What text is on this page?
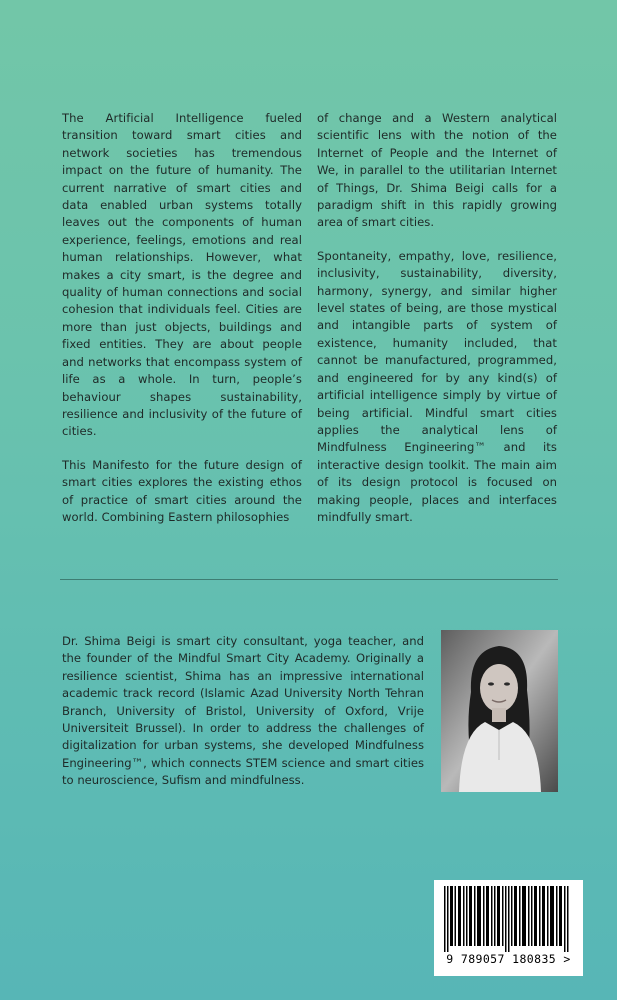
The Artificial Intelligence fueled transition toward smart cities and network societies has tremendous impact on the future of humanity. The current narrative of smart cities and data enabled urban systems totally leaves out the components of human experience, feelings, emotions and real human relationships. However, what makes a city smart, is the degree and quality of human connections and social cohesion that individuals feel. Cities are more than just objects, buildings and fixed entities. They are about people and networks that encompass system of life as a whole. In turn, people’s behaviour shapes sustainability, resilience and inclusivity of the future of cities.

This Manifesto for the future design of smart cities explores the existing ethos of practice of smart cities around the world. Combining Eastern philosophies

of change and a Western analytical scientific lens with the notion of the Internet of People and the Internet of We, in parallel to the utilitarian Internet of Things, Dr. Shima Beigi calls for a paradigm shift in this rapidly growing area of smart cities.

Spontaneity, empathy, love, resilience, inclusivity, sustainability, diversity, harmony, synergy, and similar higher level states of being, are those mystical and intangible parts of system of existence, humanity included, that cannot be manufactured, programmed, and engineered for by any kind(s) of artificial intelligence simply by virtue of being artificial. Mindful smart cities applies the analytical lens of Mindfulness Engineering™ and its interactive design toolkit. The main aim of its design protocol is focused on making people, places and interfaces mindfully smart.

Dr. Shima Beigi is smart city consultant, yoga teacher, and the founder of the Mindful Smart City Academy. Originally a resilience scientist, Shima has an impressive international academic track record (Islamic Azad University North Tehran Branch, University of Bristol, University of Oxford, Vrije Universiteit Brussel). In order to address the challenges of digitalization for urban systems, she developed Mindfulness Engineering™, which connects STEM science and smart cities to neuroscience, Sufism and mindfulness.

9 789057 180835 >
